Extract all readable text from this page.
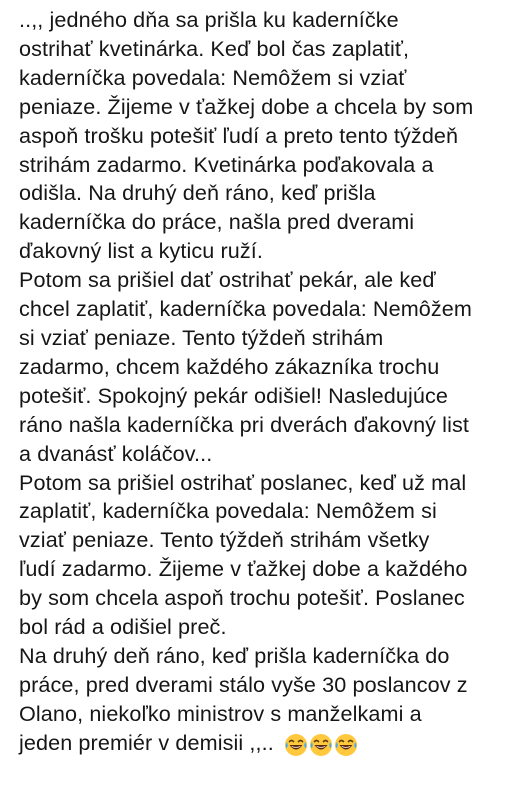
..,, jednéhо dňa sa prišla ku kaderníčke
ostrihať kvetinárka. Keď bol čas zaplatiť,
kaderníčka povedala: Nemôžem si vziať
peniaze. Žijeme v ťažkej dobe a chcela by som
aspoň trošku potešiť ľudí a preto tento týždeň
strihám zadarmo. Kvetinárka poďakovala a
odišla. Na druhý deň ráno, keď prišla
kaderníčka do práce, našla pred dverami
ďakovný list a kyticu ruží.
Potom sa prišiel dať ostrihať pekár, ale keď
chcel zaplatiť, kaderníčka povedala: Nemôžem
si vziať peniaze. Tento týždeň strihám
zadarmo, chcem každého zákazníka trochu
potešiť. Spokojný pekár odišiel! Nasledujúce
ráno našla kaderníčka pri dverách ďakovný list
a dvanásť koláčov...
Potom sa prišiel ostrihať poslanec, keď už mal
zaplatiť, kaderníčka povedala: Nemôžem si
vziať peniaze. Tento týždeň strihám všetky
ľudí zadarmo. Žijeme v ťažkej dobe a každého
by som chcela aspoň trochu potešiť. Poslanec
bol rád a odišiel preč.
Na druhý deň ráno, keď prišla kaderníčka do
práce, pred dverami stálo vyše 30 poslancov z
Olano, niekoľko ministrov s manželkami a
jeden premiér v demisii ,,..
